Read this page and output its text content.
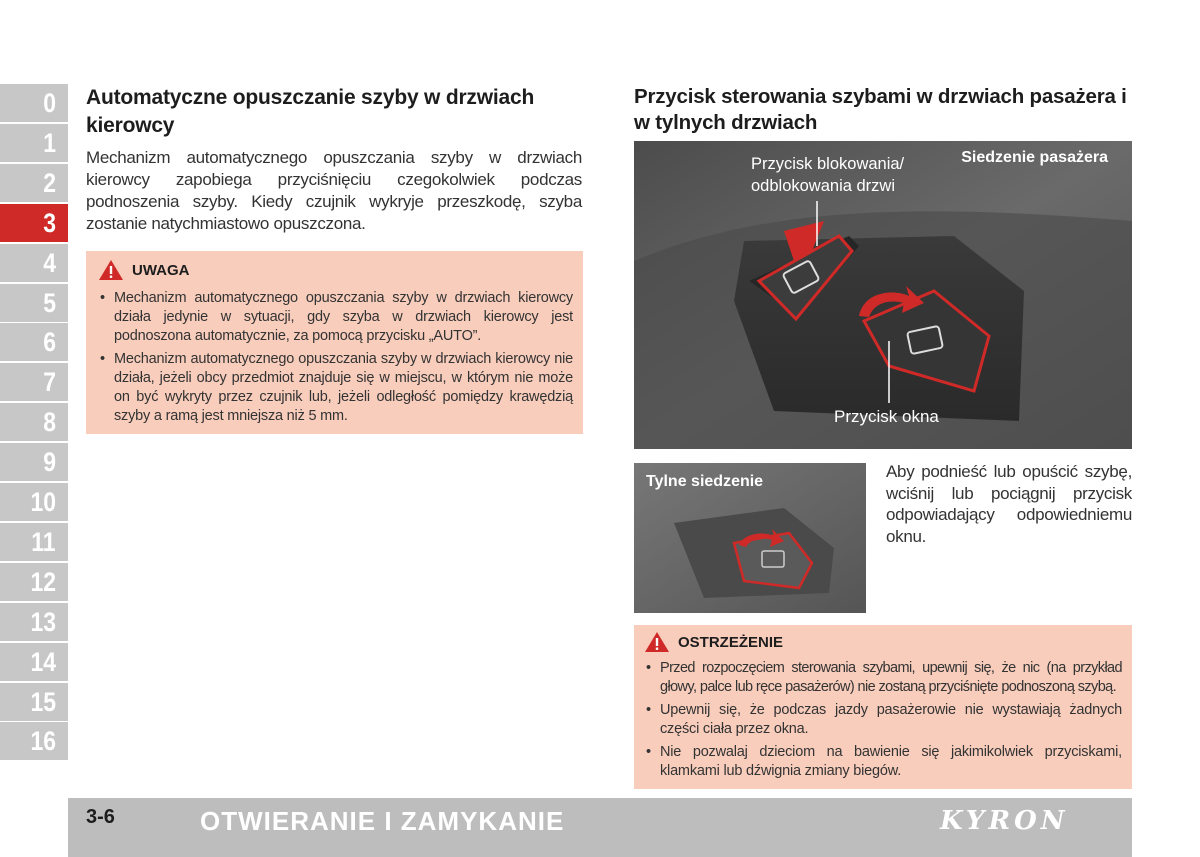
0
1
2
3
4
5
6
7
8
9
10
11
12
13
14
15
16
Automatyczne opuszczanie szyby w drzwiach kierowcy

Mechanizm automatycznego opuszczania szyby w drzwiach kierowcy zapobiega przyciśnięciu czegokolwiek podczas podnoszenia szyby. Kiedy czujnik wykryje przeszkodę, szyba zostanie natychmiastowo opuszczona.

UWAGA
• Mechanizm automatycznego opuszczania szyby w drzwiach kierowcy działa jedynie w sytuacji, gdy szyba w drzwiach kierowcy jest podnoszona automatycznie, za pomocą przycisku „AUTO”.
• Mechanizm automatycznego opuszczania szyby w drzwiach kierowcy nie działa, jeżeli obcy przedmiot znajduje się w miejscu, w którym nie może on być wykryty przez czujnik lub, jeżeli odległość pomiędzy krawędzią szyby a ramą jest mniejsza niż 5 mm.
Przycisk sterowania szybami w drzwiach pasażera i w tylnych drzwiach
Siedzenie pasażera
Przycisk blokowania/ odblokowania drzwi
Przycisk okna
Tylne siedzenie

Aby podnieść lub opuścić szybę, wciśnij lub pociągnij przycisk odpowiadający odpowiedniemu oknu.

OSTRZEŻENIE
• Przed rozpoczęciem sterowania szybami, upewnij się, że nic (na przykład głowy, palce lub ręce pasażerów) nie zostaną przyciśnięte podnoszoną szybą.
• Upewnij się, że podczas jazdy pasażerowie nie wystawiają żadnych części ciała przez okna.
• Nie pozwalaj dzieciom na bawienie się jakimikolwiek przyciskami, klamkami lub dźwignia zmiany biegów.
3-6	OTWIERANIE I ZAMYKANIE	KYRON
